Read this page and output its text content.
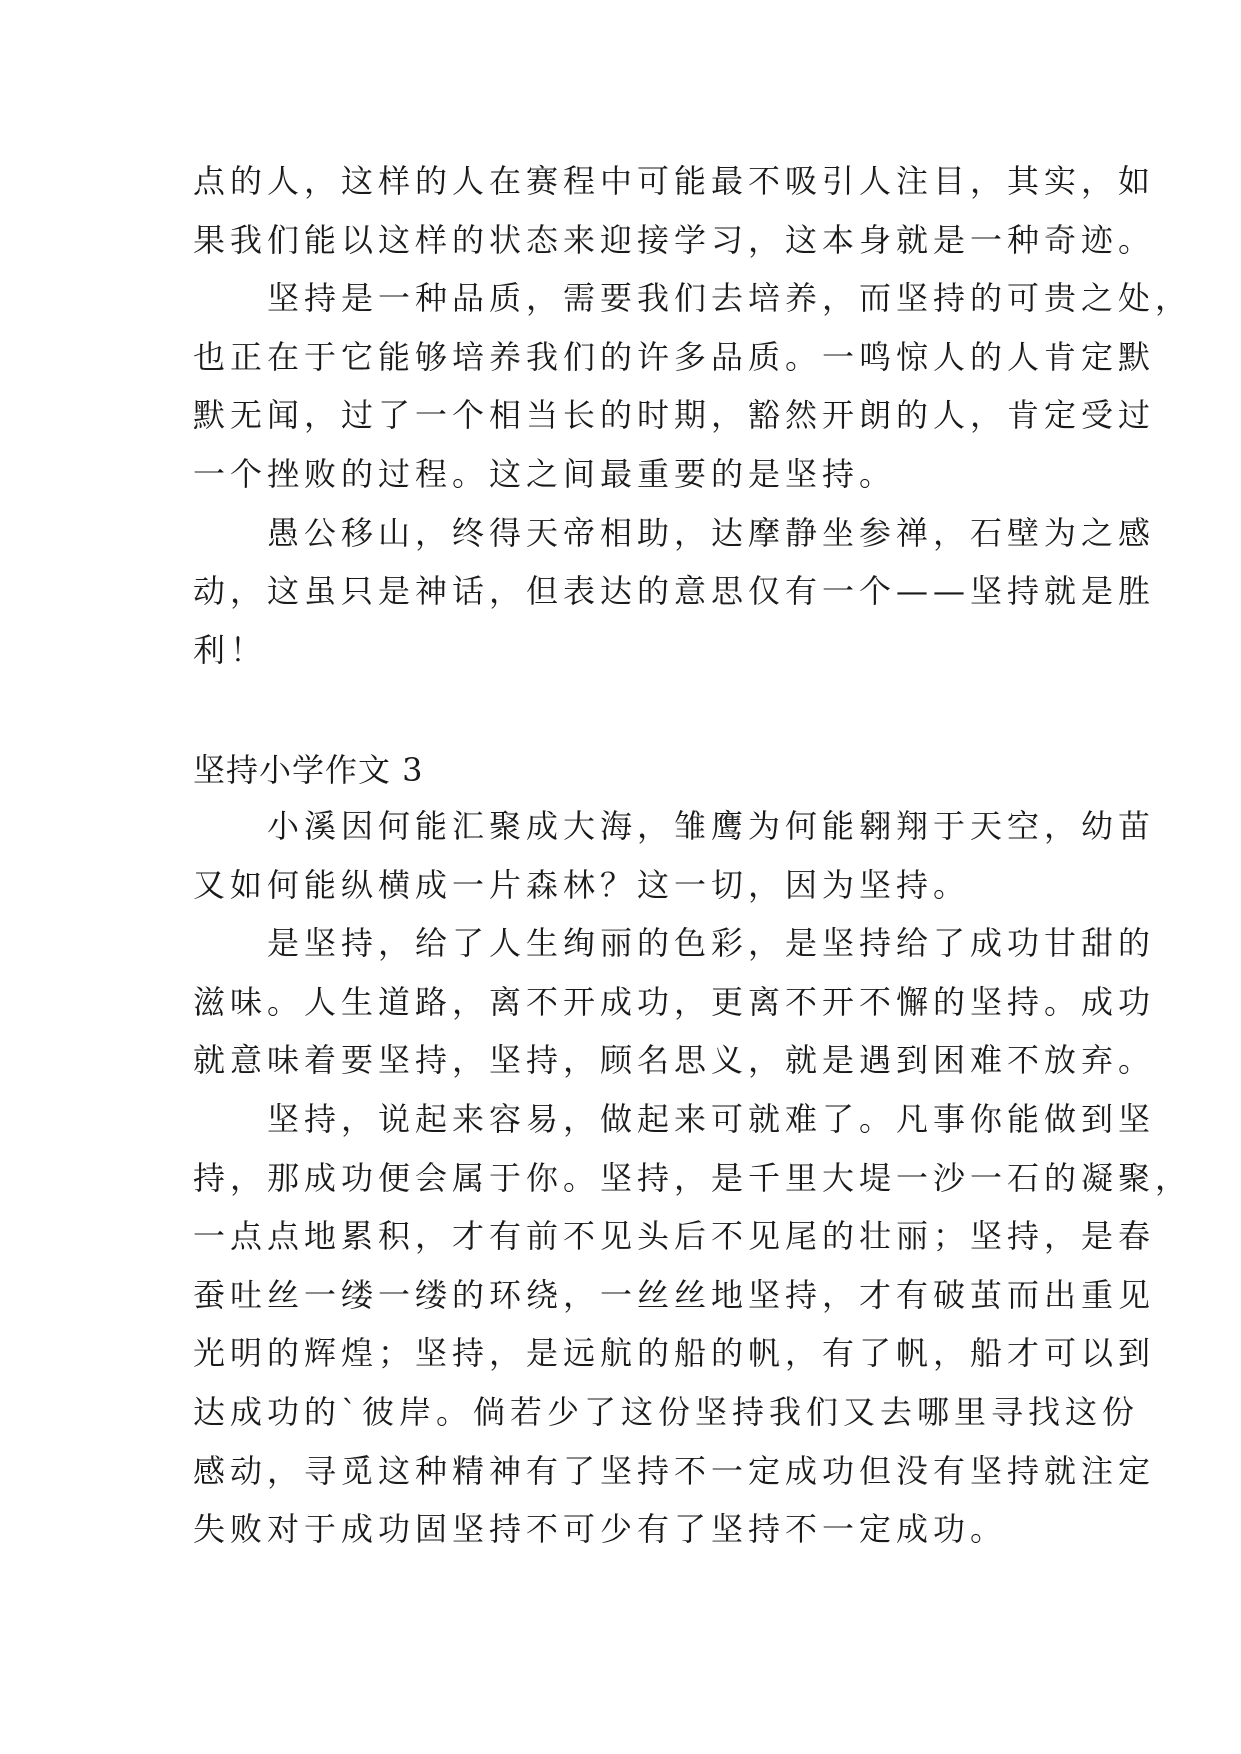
点的人，这样的人在赛程中可能最不吸引人注目，其实，如
果我们能以这样的状态来迎接学习，这本身就是一种奇迹。
　　坚持是一种品质，需要我们去培养，而坚持的可贵之处，
也正在于它能够培养我们的许多品质。一鸣惊人的人肯定默
默无闻，过了一个相当长的时期，豁然开朗的人，肯定受过
一个挫败的过程。这之间最重要的是坚持。
　　愚公移山，终得天帝相助，达摩静坐参禅，石壁为之感
动，这虽只是神话，但表达的意思仅有一个——坚持就是胜
利！
坚持小学作文 3
　　小溪因何能汇聚成大海，雏鹰为何能翱翔于天空，幼苗
又如何能纵横成一片森林？这一切，因为坚持。
　　是坚持，给了人生绚丽的色彩，是坚持给了成功甘甜的
滋味。人生道路，离不开成功，更离不开不懈的坚持。成功
就意味着要坚持，坚持，顾名思义，就是遇到困难不放弃。
　　坚持，说起来容易，做起来可就难了。凡事你能做到坚
持，那成功便会属于你。坚持，是千里大堤一沙一石的凝聚，
一点点地累积，才有前不见头后不见尾的壮丽；坚持，是春
蚕吐丝一缕一缕的环绕，一丝丝地坚持，才有破茧而出重见
光明的辉煌；坚持，是远航的船的帆，有了帆，船才可以到
达成功的`彼岸。倘若少了这份坚持我们又去哪里寻找这份
感动，寻觅这种精神有了坚持不一定成功但没有坚持就注定
失败对于成功固坚持不可少有了坚持不一定成功。
